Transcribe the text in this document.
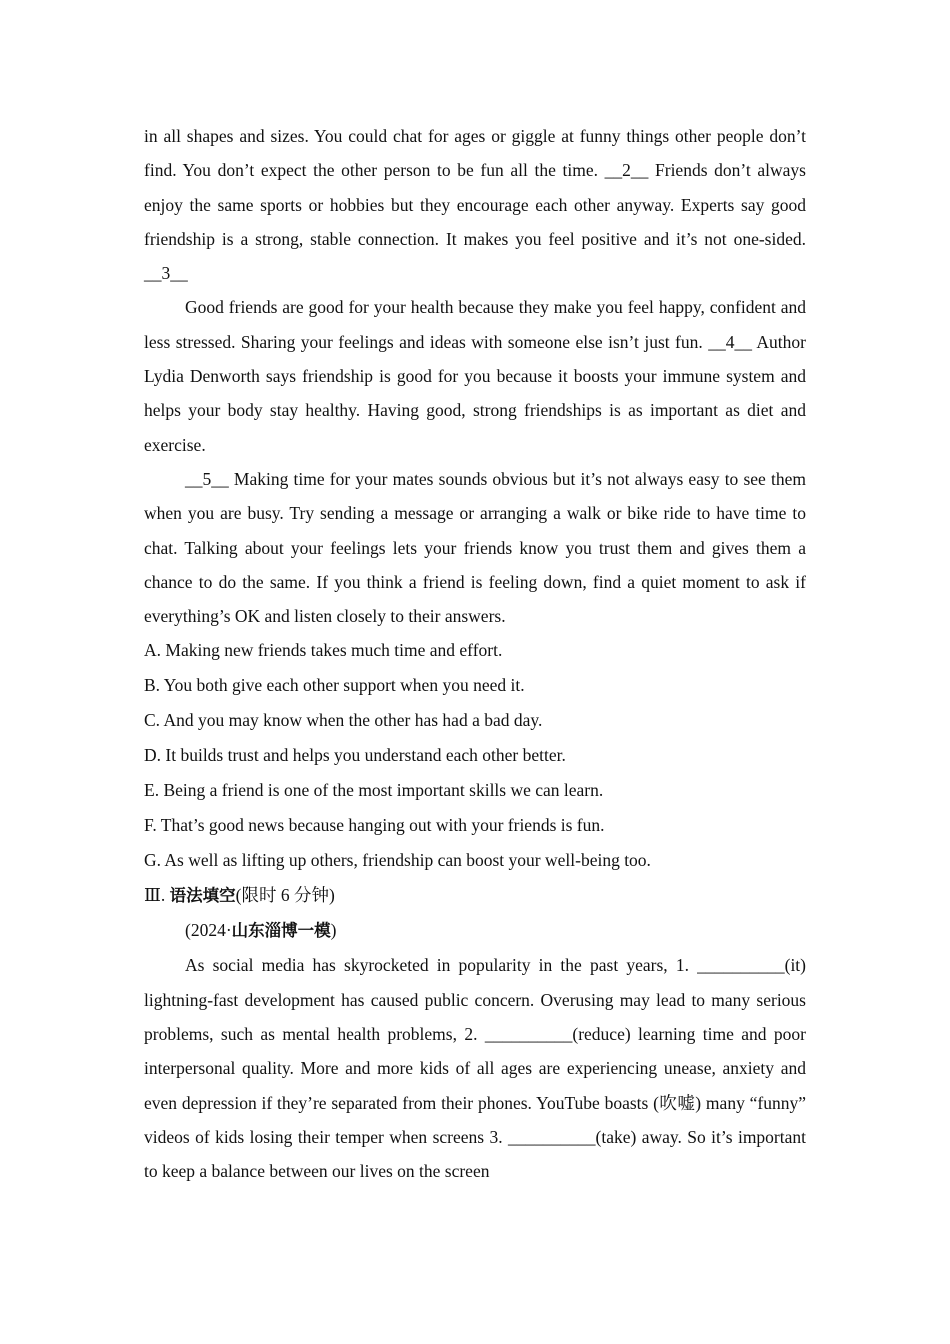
in all shapes and sizes. You could chat for ages or giggle at funny things other people don’t find. You don’t expect the other person to be fun all the time. __2__ Friends don’t always enjoy the same sports or hobbies but they encourage each other anyway. Experts say good friendship is a strong, stable connection. It makes you feel positive and it’s not one-sided. __3__

Good friends are good for your health because they make you feel happy, confident and less stressed. Sharing your feelings and ideas with someone else isn’t just fun. __4__ Author Lydia Denworth says friendship is good for you because it boosts your immune system and helps your body stay healthy. Having good, strong friendships is as important as diet and exercise.

__5__ Making time for your mates sounds obvious but it’s not always easy to see them when you are busy. Try sending a message or arranging a walk or bike ride to have time to chat. Talking about your feelings lets your friends know you trust them and gives them a chance to do the same. If you think a friend is feeling down, find a quiet moment to ask if everything’s OK and listen closely to their answers.

A. Making new friends takes much time and effort.
B. You both give each other support when you need it.
C. And you may know when the other has had a bad day.
D. It builds trust and helps you understand each other better.
E. Being a friend is one of the most important skills we can learn.
F. That’s good news because hanging out with your friends is fun.
G. As well as lifting up others, friendship can boost your well-being too.

Ⅲ. 语法填空(限时 6 分钟)

(2024·山东淄博一模)

As social media has skyrocketed in popularity in the past years, 1. __________(it) lightning-fast development has caused public concern. Overusing may lead to many serious problems, such as mental health problems, 2. __________(reduce) learning time and poor interpersonal quality. More and more kids of all ages are experiencing unease, anxiety and even depression if they’re separated from their phones. YouTube boasts (吹嘘) many “funny” videos of kids losing their temper when screens 3. __________(take) away. So it’s important to keep a balance between our lives on the screen
